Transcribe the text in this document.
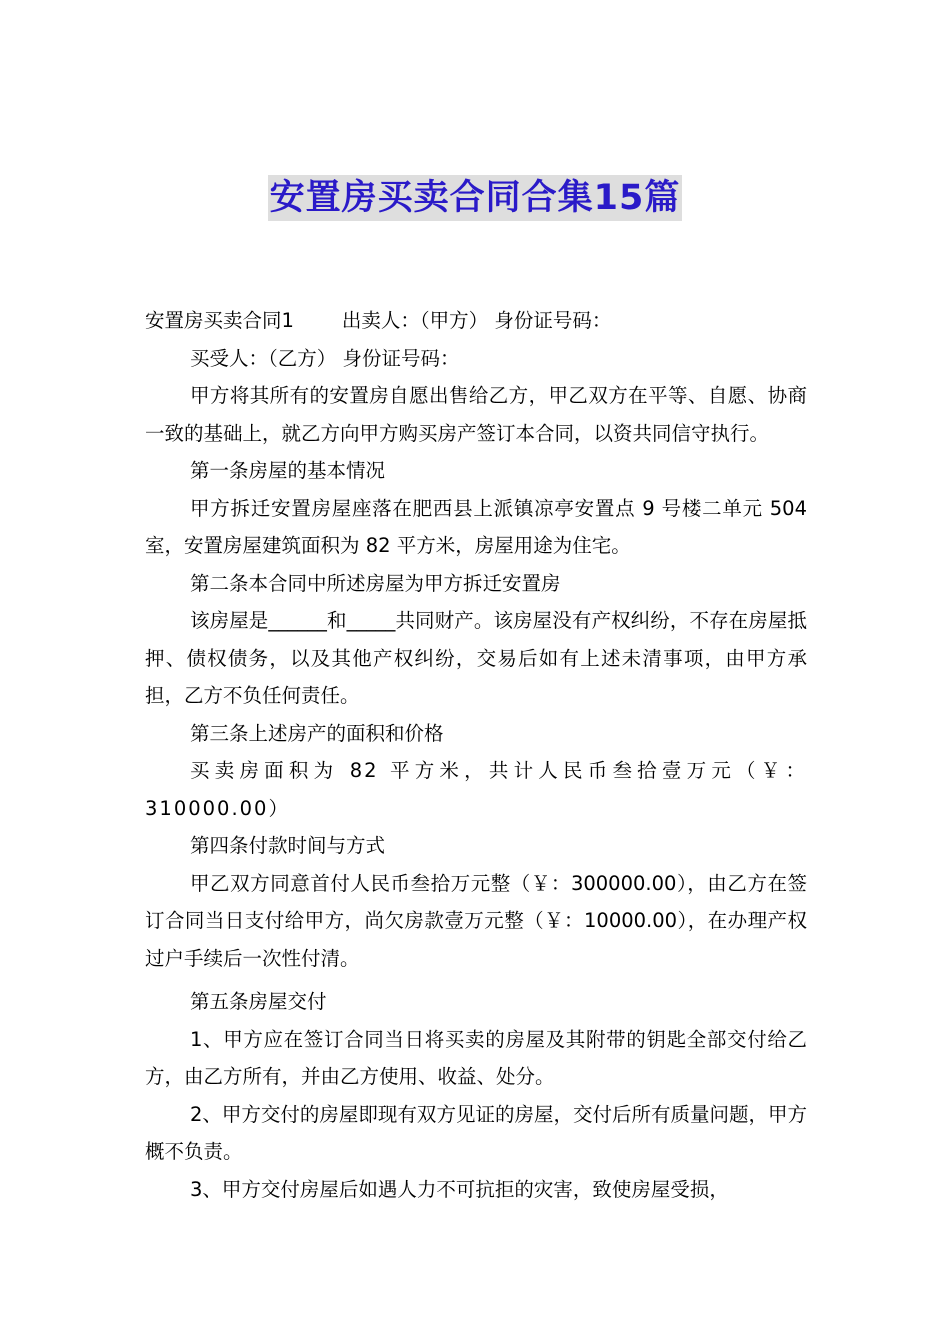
安置房买卖合同合集15篇

安置房买卖合同1 出卖人：（甲方） 身份证号码：

买受人：（乙方） 身份证号码：

甲方将其所有的安置房自愿出售给乙方，甲乙双方在平等、自愿、协商一致的基础上，就乙方向甲方购买房产签订本合同，以资共同信守执行。

第一条房屋的基本情况

甲方拆迁安置房屋座落在肥西县上派镇凉亭安置点 9 号楼二单元 504 室，安置房屋建筑面积为 82 平方米，房屋用途为住宅。

第二条本合同中所述房屋为甲方拆迁安置房

该房屋是______和_____共同财产。该房屋没有产权纠纷，不存在房屋抵押、债权债务，以及其他产权纠纷，交易后如有上述未清事项，由甲方承担，乙方不负任何责任。

第三条上述房产的面积和价格

买卖房面积为 82 平方米，共计人民币叁拾壹万元（￥：310000.00）

第四条付款时间与方式

甲乙双方同意首付人民币叁拾万元整（￥：300000.00），由乙方在签订合同当日支付给甲方，尚欠房款壹万元整（￥：10000.00），在办理产权过户手续后一次性付清。

第五条房屋交付

1、甲方应在签订合同当日将买卖的房屋及其附带的钥匙全部交付给乙方，由乙方所有，并由乙方使用、收益、处分。

2、甲方交付的房屋即现有双方见证的房屋，交付后所有质量问题，甲方概不负责。

3、甲方交付房屋后如遇人力不可抗拒的灾害，致使房屋受损，
